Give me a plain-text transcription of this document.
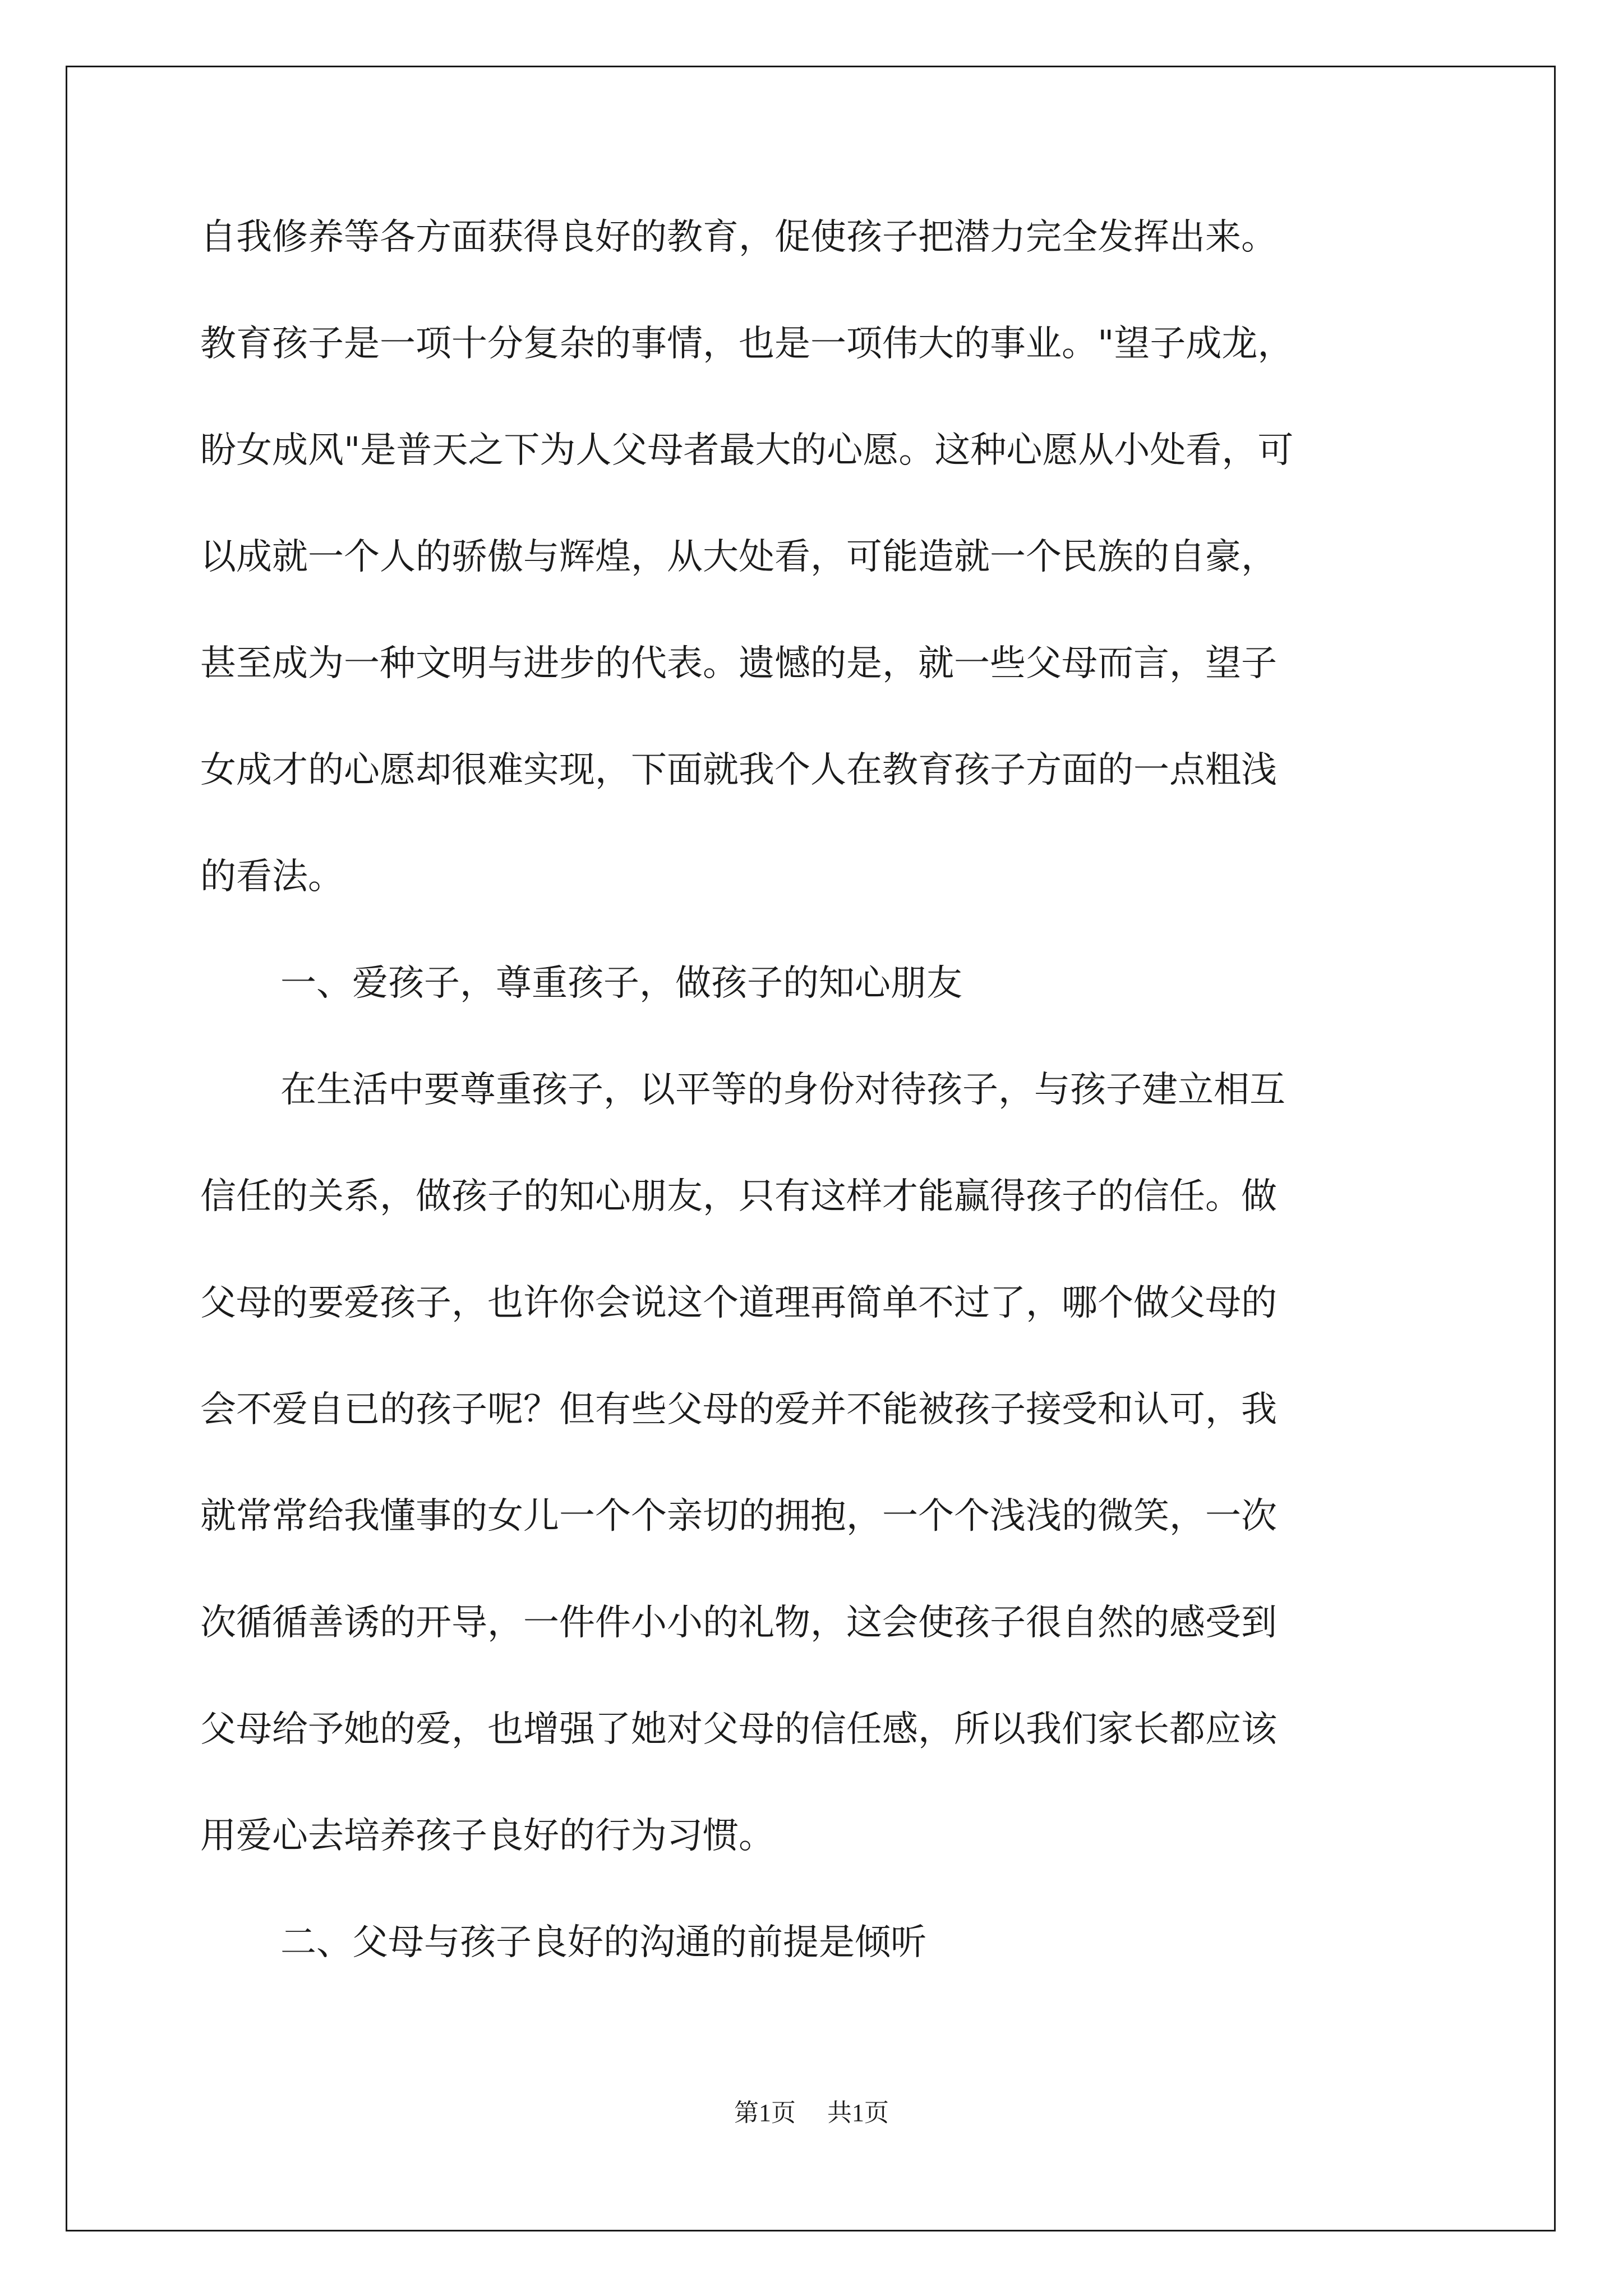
自我修养等各方面获得良好的教育，促使孩子把潜力完全发挥出来。
教育孩子是一项十分复杂的事情，也是一项伟大的事业。"望子成龙，
盼女成风"是普天之下为人父母者最大的心愿。这种心愿从小处看，可
以成就一个人的骄傲与辉煌，从大处看，可能造就一个民族的自豪，
甚至成为一种文明与进步的代表。遗憾的是，就一些父母而言，望子
女成才的心愿却很难实现，下面就我个人在教育孩子方面的一点粗浅
的看法。
一、爱孩子，尊重孩子，做孩子的知心朋友
在生活中要尊重孩子，以平等的身份对待孩子，与孩子建立相互
信任的关系，做孩子的知心朋友，只有这样才能赢得孩子的信任。做
父母的要爱孩子，也许你会说这个道理再简单不过了，哪个做父母的
会不爱自已的孩子呢？但有些父母的爱并不能被孩子接受和认可，我
就常常给我懂事的女儿一个个亲切的拥抱，一个个浅浅的微笑，一次
次循循善诱的开导，一件件小小的礼物，这会使孩子很自然的感受到
父母给予她的爱，也增强了她对父母的信任感，所以我们家长都应该
用爱心去培养孩子良好的行为习惯。
二、父母与孩子良好的沟通的前提是倾听
第1页 共1页
